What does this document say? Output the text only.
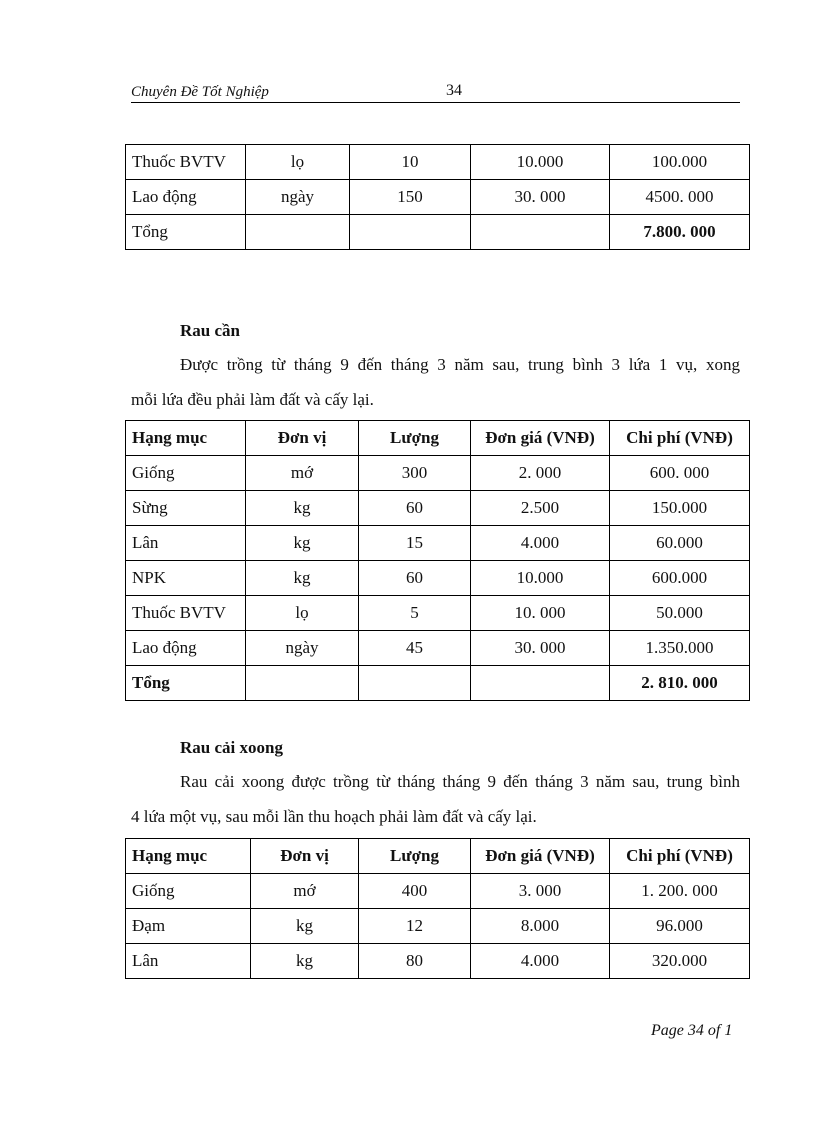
Chuyên Đề Tốt Nghiệp	34
Thuốc BVTV	lọ	10	10.000	100.000
Lao động	ngày	150	30. 000	4500. 000
Tổng				7.800. 000
Rau cần
Được trồng từ tháng 9 đến tháng 3 năm sau, trung bình 3 lứa 1 vụ, xong
mỗi lứa đều phải làm đất và cấy lại.
Hạng mục	Đơn vị	Lượng	Đơn giá (VNĐ)	Chi phí (VNĐ)
Giống	mớ	300	2. 000	600. 000
Sừng	kg	60	2.500	150.000
Lân	kg	15	4.000	60.000
NPK	kg	60	10.000	600.000
Thuốc BVTV	lọ	5	10. 000	50.000
Lao động	ngày	45	30. 000	1.350.000
Tổng				2. 810. 000
Rau cải xoong
Rau cải xoong được trồng từ tháng tháng 9 đến tháng 3 năm sau, trung bình
4 lứa một vụ, sau mỗi lần thu hoạch phải làm đất và cấy lại.
Hạng mục	Đơn vị	Lượng	Đơn giá (VNĐ)	Chi phí (VNĐ)
Giống	mớ	400	3. 000	1. 200. 000
Đạm	kg	12	8.000	96.000
Lân	kg	80	4.000	320.000
Page 34 of 1
